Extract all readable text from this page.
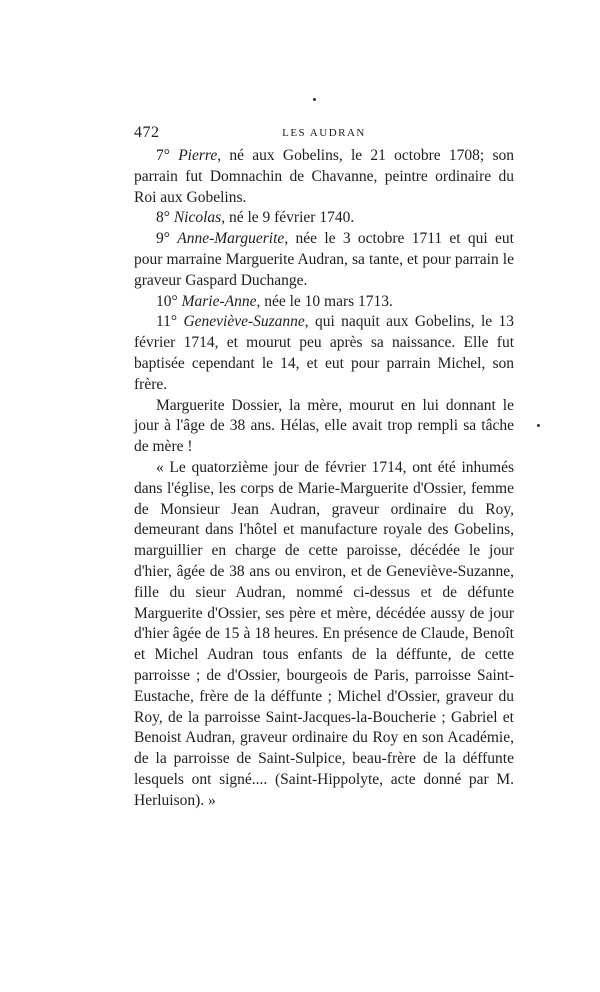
472	LES AUDRAN

7° Pierre, né aux Gobelins, le 21 octobre 1708; son parrain fut Domnachin de Chavanne, peintre ordinaire du Roi aux Gobelins.

8° Nicolas, né le 9 février 1740.

9° Anne-Marguerite, née le 3 octobre 1711 et qui eut pour marraine Marguerite Audran, sa tante, et pour parrain le graveur Gaspard Duchange.

10° Marie-Anne, née le 10 mars 1713.

11° Geneviève-Suzanne, qui naquit aux Gobelins, le 13 février 1714, et mourut peu après sa naissance. Elle fut baptisée cependant le 14, et eut pour parrain Michel, son frère.

Marguerite Dossier, la mère, mourut en lui donnant le jour à l'âge de 38 ans. Hélas, elle avait trop rempli sa tâche de mère !

« Le quatorzième jour de février 1714, ont été inhumés dans l'église, les corps de Marie-Marguerite d'Ossier, femme de Monsieur Jean Audran, graveur ordinaire du Roy, demeurant dans l'hôtel et manufacture royale des Gobelins, marguillier en charge de cette paroisse, décédée le jour d'hier, âgée de 38 ans ou environ, et de Geneviève-Suzanne, fille du sieur Audran, nommé ci-dessus et de défunte Marguerite d'Ossier, ses père et mère, décédée aussy de jour d'hier âgée de 15 à 18 heures. En présence de Claude, Benoît et Michel Audran tous enfants de la déffunte, de cette parroisse ; de d'Ossier, bourgeois de Paris, parroisse Saint-Eustache, frère de la déffunte ; Michel d'Ossier, graveur du Roy, de la parroisse Saint-Jacques-la-Boucherie ; Gabriel et Benoist Audran, graveur ordinaire du Roy en son Académie, de la parroisse de Saint-Sulpice, beau-frère de la déffunte lesquels ont signé.... (Saint-Hippolyte, acte donné par M. Herluison). »
